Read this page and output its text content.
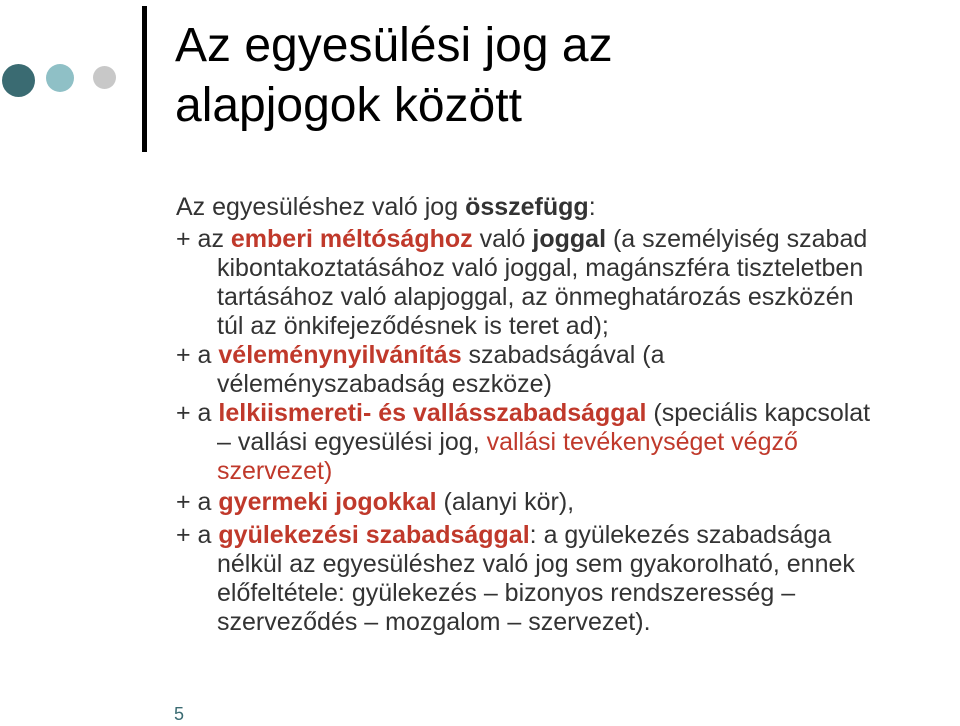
Az egyesülési jog az
alapjogok között
Az egyesüléshez való jog összefügg:
+ az emberi méltósághoz való joggal (a személyiség szabad
kibontakoztatásához való joggal, magánszféra tiszteletben
tartásához való alapjoggal, az önmeghatározás eszközén
túl az önkifejeződésnek is teret ad);
+ a véleménynyilvánítás szabadságával (a
véleményszabadság eszköze)
+ a lelkiismereti- és vallásszabadsággal (speciális kapcsolat
– vallási egyesülési jog, vallási tevékenységet végző
szervezet)
+ a gyermeki jogokkal (alanyi kör),
+ a gyülekezési szabadsággal: a gyülekezés szabadsága
nélkül az egyesüléshez való jog sem gyakorolható, ennek
előfeltétele: gyülekezés – bizonyos rendszeresség –
szerveződés – mozgalom – szervezet).
5
